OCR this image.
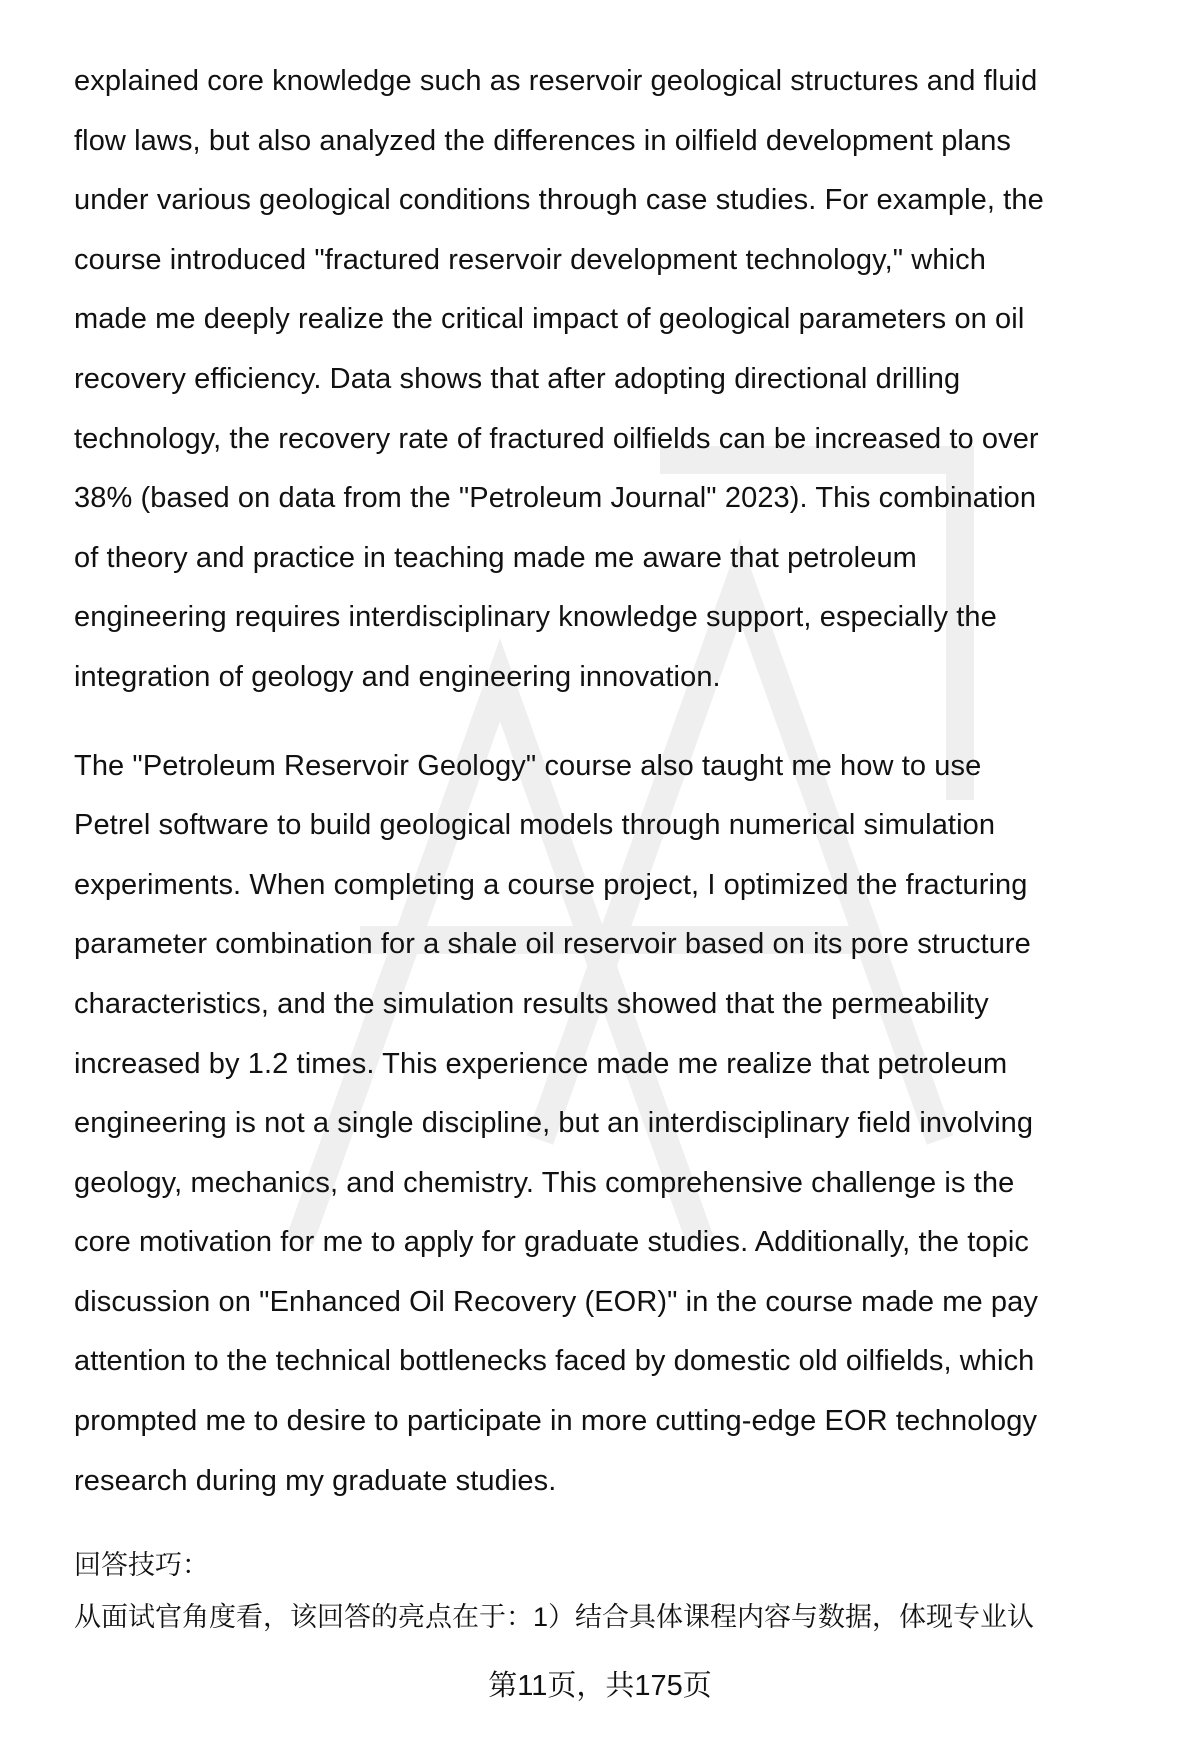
explained core knowledge such as reservoir geological structures and fluid
flow laws, but also analyzed the differences in oilfield development plans
under various geological conditions through case studies. For example, the
course introduced "fractured reservoir development technology," which
made me deeply realize the critical impact of geological parameters on oil
recovery efficiency. Data shows that after adopting directional drilling
technology, the recovery rate of fractured oilfields can be increased to over
38% (based on data from the "Petroleum Journal" 2023). This combination
of theory and practice in teaching made me aware that petroleum
engineering requires interdisciplinary knowledge support, especially the
integration of geology and engineering innovation.

The "Petroleum Reservoir Geology" course also taught me how to use
Petrel software to build geological models through numerical simulation
experiments. When completing a course project, I optimized the fracturing
parameter combination for a shale oil reservoir based on its pore structure
characteristics, and the simulation results showed that the permeability
increased by 1.2 times. This experience made me realize that petroleum
engineering is not a single discipline, but an interdisciplinary field involving
geology, mechanics, and chemistry. This comprehensive challenge is the
core motivation for me to apply for graduate studies. Additionally, the topic
discussion on "Enhanced Oil Recovery (EOR)" in the course made me pay
attention to the technical bottlenecks faced by domestic old oilfields, which
prompted me to desire to participate in more cutting-edge EOR technology
research during my graduate studies.

回答技巧：
从面试官角度看，该回答的亮点在于：1）结合具体课程内容与数据，体现专业认
第11页，共175页
